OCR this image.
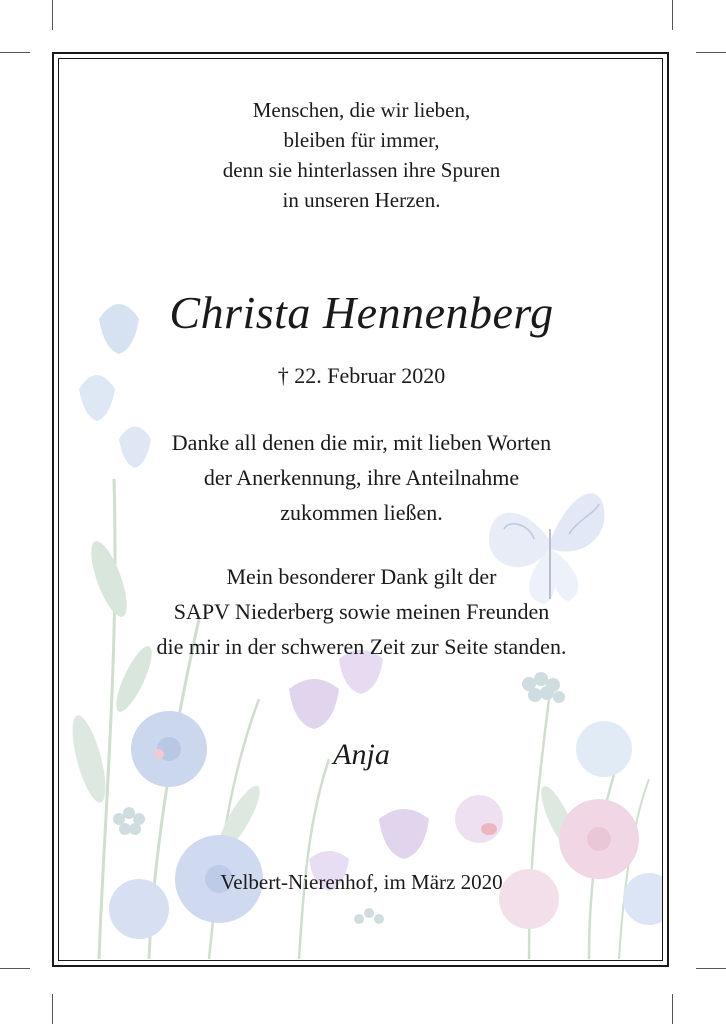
Menschen, die wir lieben,
bleiben für immer,
denn sie hinterlassen ihre Spuren
in unseren Herzen.
Christa Hennenberg
† 22. Februar 2020
Danke all denen die mir, mit lieben Worten
der Anerkennung, ihre Anteilnahme
zukommen ließen.
Mein besonderer Dank gilt der
SAPV Niederberg sowie meinen Freunden
die mir in der schweren Zeit zur Seite standen.
Anja
Velbert-Nierenhof, im März 2020
